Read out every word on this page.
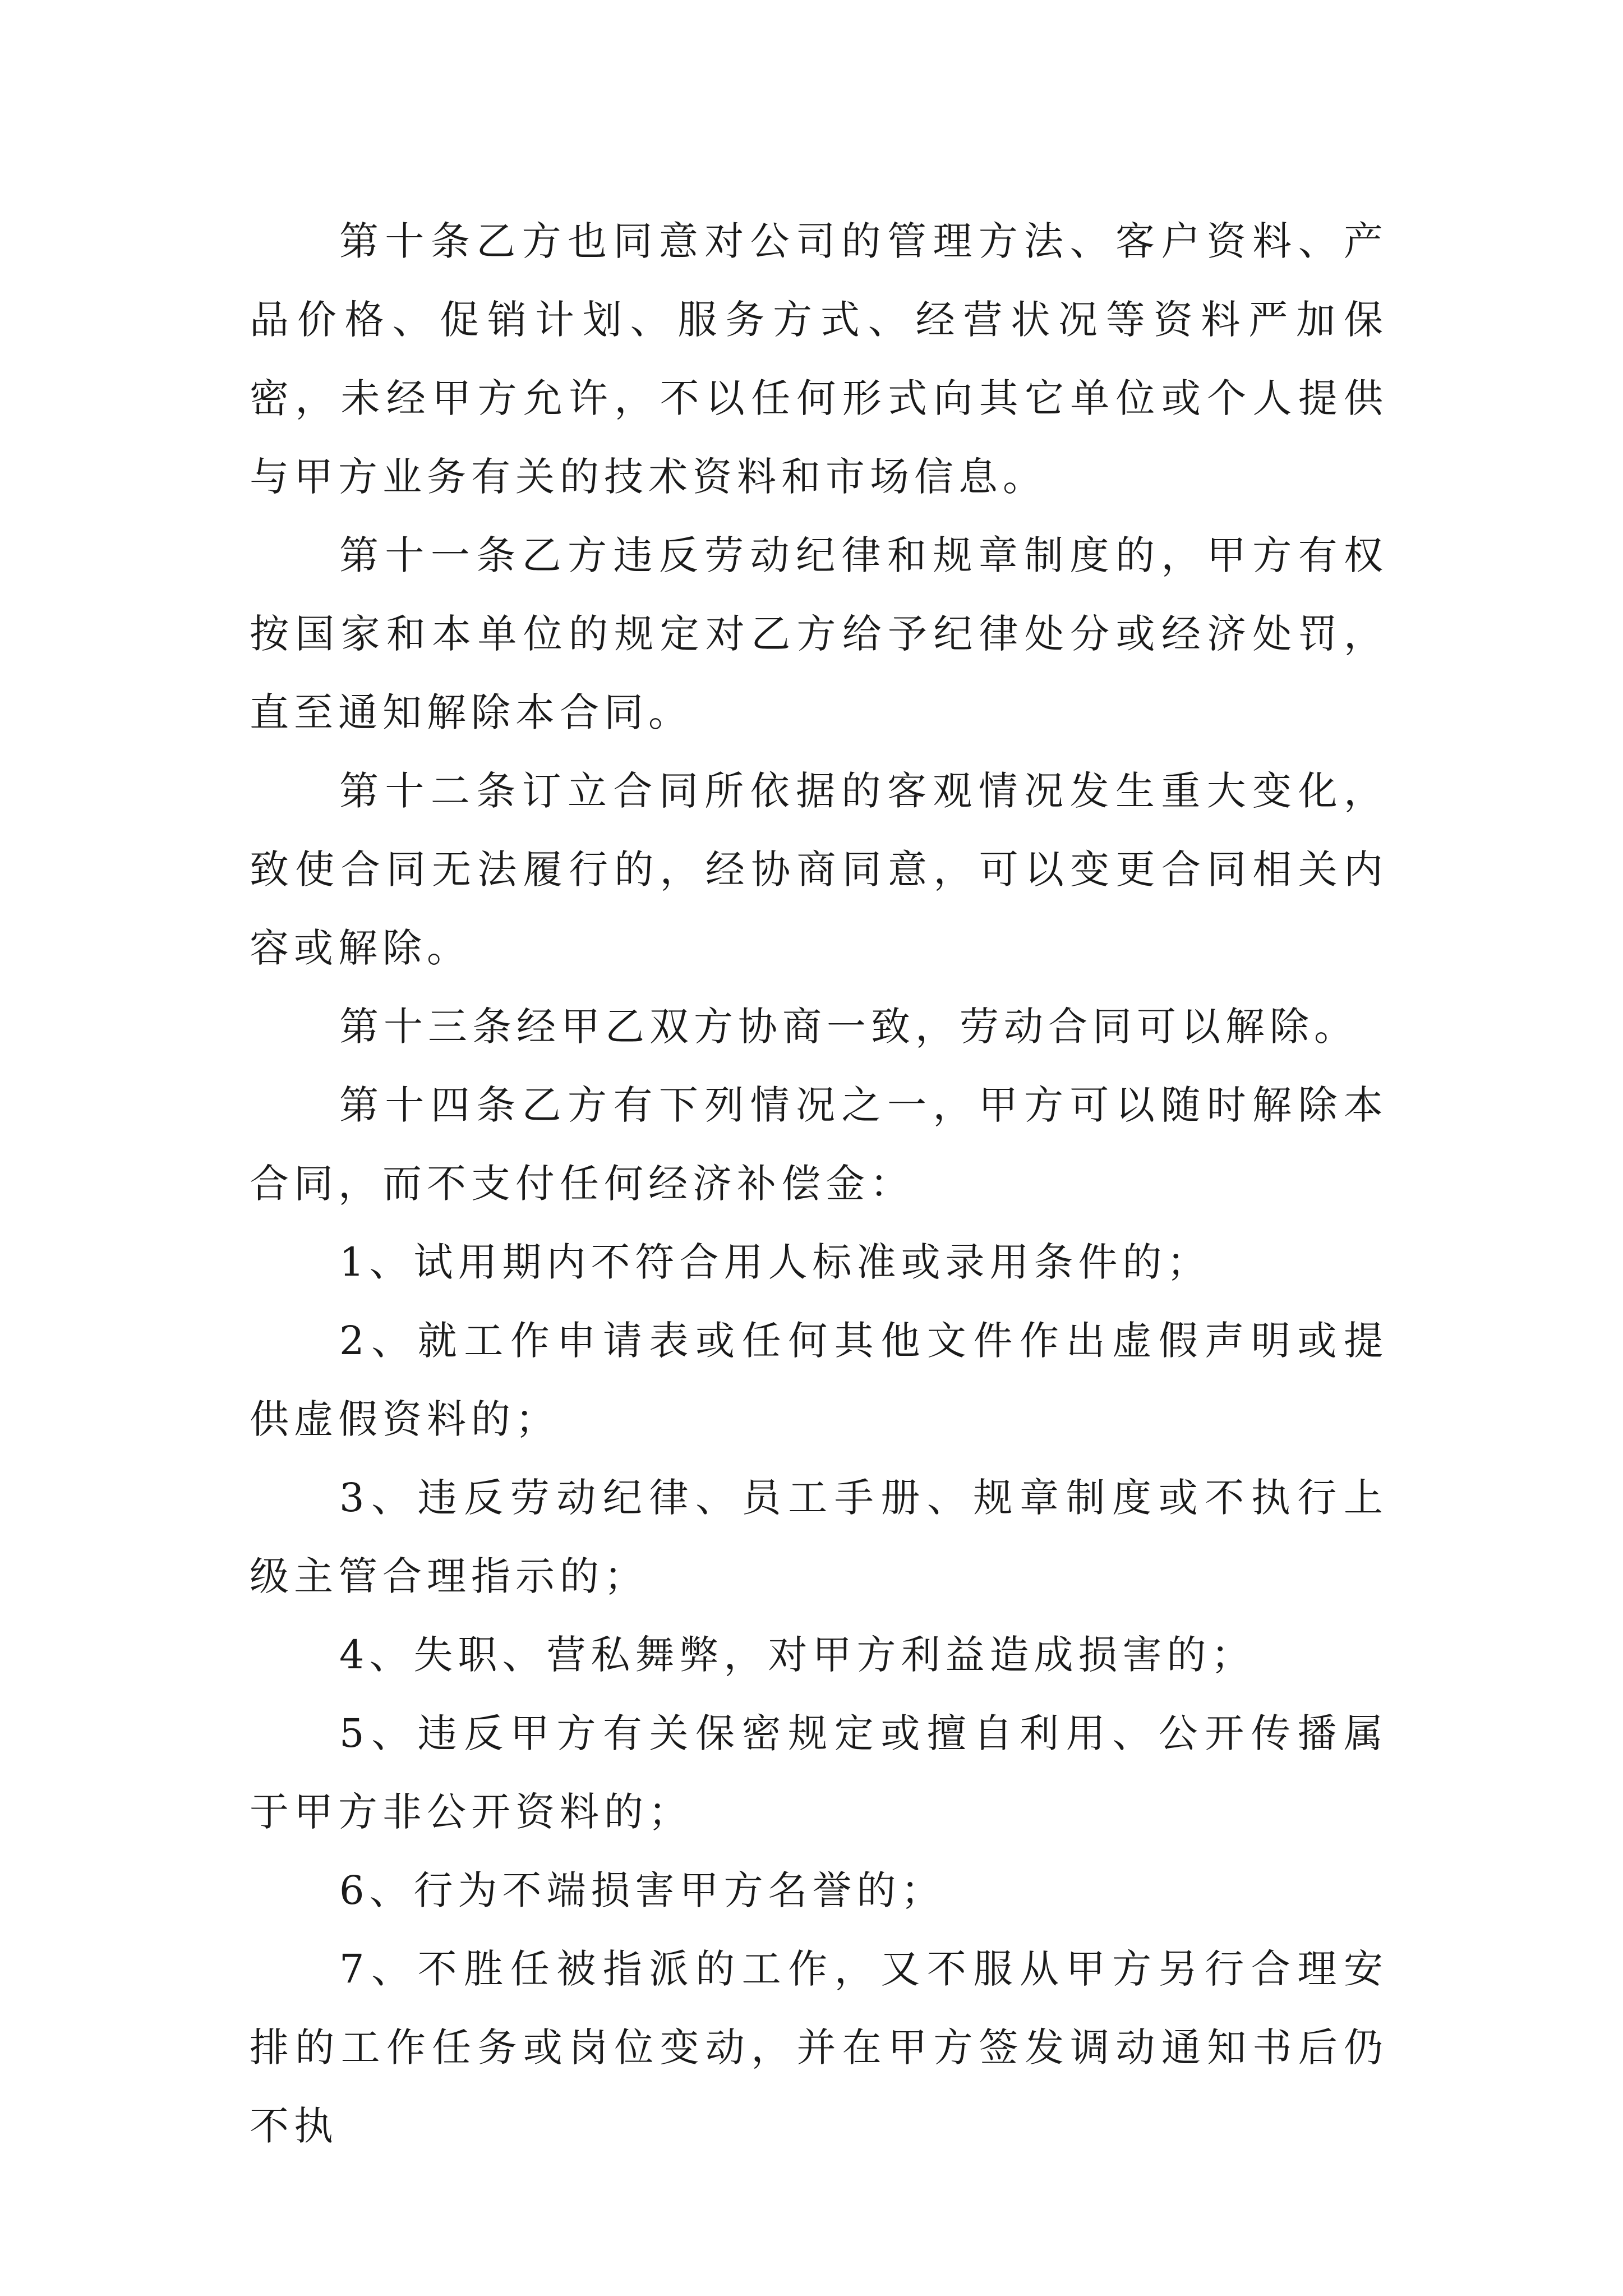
第十条乙方也同意对公司的管理方法、客户资料、产品价格、促销计划、服务方式、经营状况等资料严加保密，未经甲方允许，不以任何形式向其它单位或个人提供与甲方业务有关的技术资料和市场信息。

第十一条乙方违反劳动纪律和规章制度的，甲方有权按国家和本单位的规定对乙方给予纪律处分或经济处罚，直至通知解除本合同。

第十二条订立合同所依据的客观情况发生重大变化，致使合同无法履行的，经协商同意，可以变更合同相关内容或解除。

第十三条经甲乙双方协商一致，劳动合同可以解除。

第十四条乙方有下列情况之一，甲方可以随时解除本合同，而不支付任何经济补偿金：

1、试用期内不符合用人标准或录用条件的；

2、就工作申请表或任何其他文件作出虚假声明或提供虚假资料的；

3、违反劳动纪律、员工手册、规章制度或不执行上级主管合理指示的；

4、失职、营私舞弊，对甲方利益造成损害的；

5、违反甲方有关保密规定或擅自利用、公开传播属于甲方非公开资料的；

6、行为不端损害甲方名誉的；

7、不胜任被指派的工作，又不服从甲方另行合理安排的工作任务或岗位变动，并在甲方签发调动通知书后仍不执
